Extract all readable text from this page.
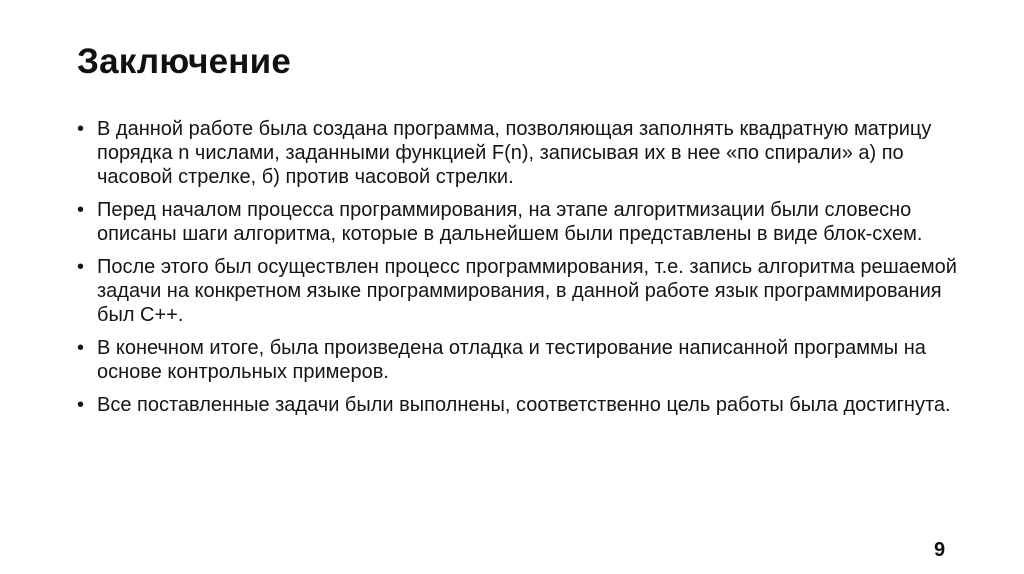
Заключение
• В данной работе была создана программа, позволяющая заполнять квадратную матрицу порядка n числами, заданными функцией F(n), записывая их в нее «по спирали» а) по часовой стрелке, б) против часовой стрелки.
• Перед началом процесса программирования, на этапе алгоритмизации были словесно описаны шаги алгоритма, которые в дальнейшем были представлены в виде блок-схем.
• После этого был осуществлен процесс программирования, т.е. запись алгоритма решаемой задачи на конкретном языке программирования, в данной работе язык программирования был С++.
• В конечном итоге, была произведена отладка и тестирование написанной программы на основе контрольных примеров.
• Все поставленные задачи были выполнены, соответственно цель работы была достигнута.
9
